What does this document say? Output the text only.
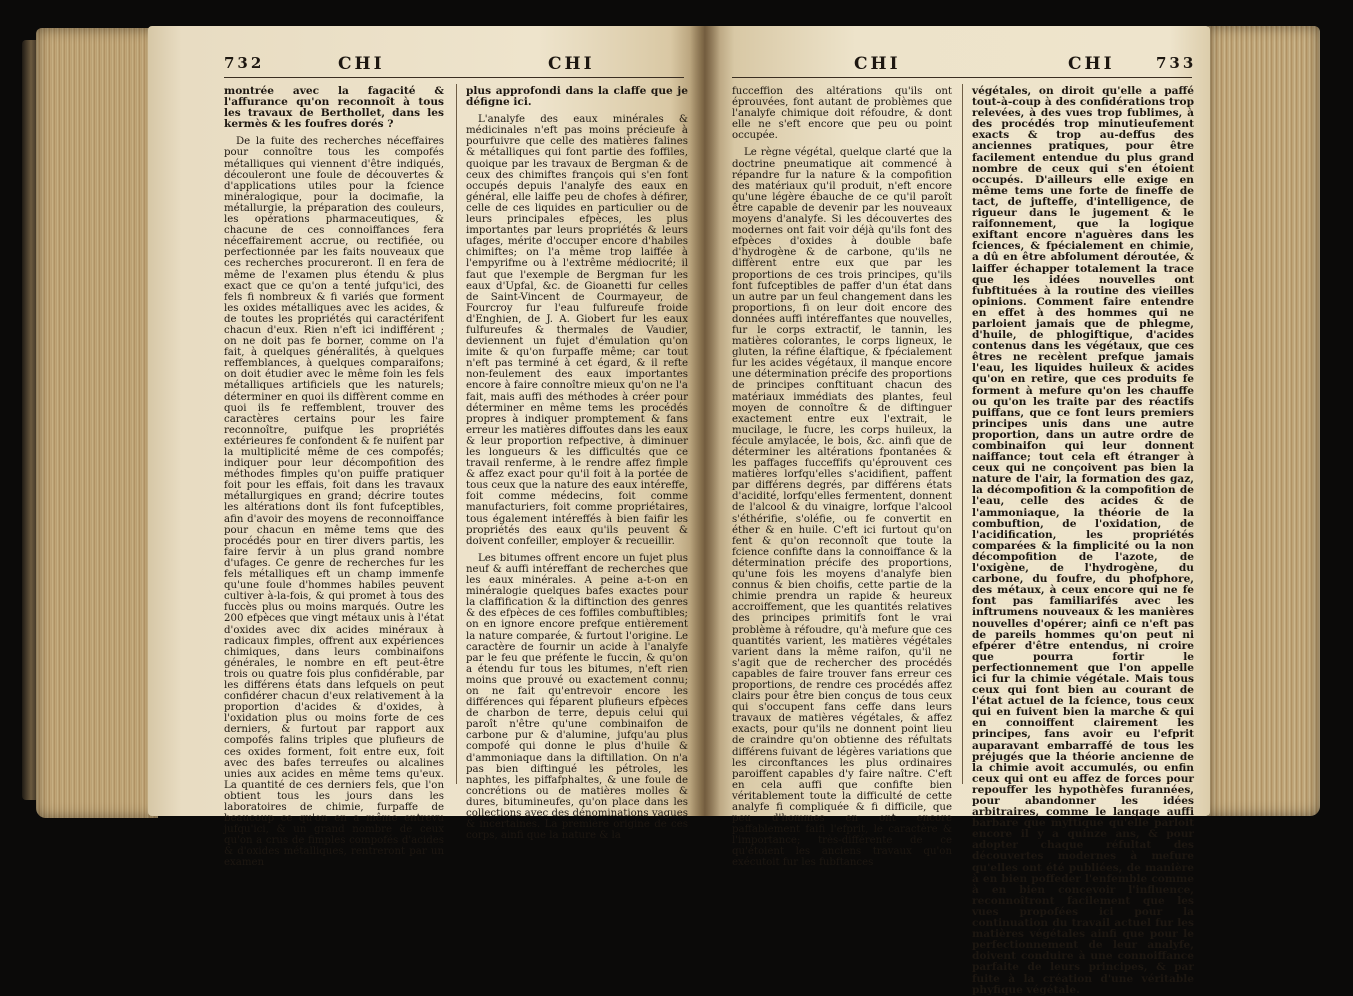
732	CHI	CHI

montrée avec la fagacité & l'affurance qu'on reconnoît à tous les travaux de Berthollet, dans les kermès & les foufres dorés ?

De la fuite des recherches néceffaires pour connoître tous les compofés métalliques qui viennent d'être indiqués, découleront une foule de découvertes & d'applications utiles pour la fcience minéralogique, pour la docimafie, la métallurgie, la préparation des couleurs, les opérations pharmaceutiques, & chacune de ces connoiffances fera néceffairement accrue, ou rectifiée, ou perfectionnée par les faits nouveaux que ces recherches procureront. Il en fera de même de l'examen plus étendu & plus exact que ce qu'on a tenté jufqu'ici, des fels fi nombreux & fi variés que forment les oxides métalliques avec les acides, & de toutes les propriétés qui caractérifent chacun d'eux. Rien n'eft ici indifférent ; on ne doit pas fe borner, comme on l'a fait, à quelques généralités, à quelques reffemblances, à quelques comparaifons; on doit étudier avec le même foin les fels métalliques artificiels que les naturels; déterminer en quoi ils diffèrent comme en quoi ils fe reffemblent, trouver des caractères certains pour les faire reconnoître, puifque les propriétés extérieures fe confondent & fe nuifent par la multiplicité même de ces compofés; indiquer pour leur décompofition des méthodes fimples qu'on puiffe pratiquer foit pour les effais, foit dans les travaux métallurgiques en grand; décrire toutes les altérations dont ils font fufceptibles, afin d'avoir des moyens de reconnoiffance pour chacun en même tems que des procédés pour en tirer divers partis, les faire fervir à un plus grand nombre d'ufages. Ce genre de recherches fur les fels métalliques eft un champ immenfe qu'une foule d'hommes habiles peuvent cultiver à-la-fois, & qui promet à tous des fuccès plus ou moins marqués. Outre les 200 efpèces que vingt métaux unis à l'état d'oxides avec dix acides minéraux à radicaux fimples, offrent aux expériences chimiques, dans leurs combinaifons générales, le nombre en eft peut-être trois ou quatre fois plus confidérable, par les différens états dans lefquels on peut confidérer chacun d'eux relativement à la proportion d'acides & d'oxides, à l'oxidation plus ou moins forte de ces derniers, & furtout par rapport aux compofés falins triples que plufieurs de ces oxides forment, foit entre eux, foit avec des bafes terreufes ou alcalines unies aux acides en même tems qu'eux. La quantité de ces derniers fels, que l'on obtient tous les jours dans les laboratoires de chimie, furpaffe de beaucoup ce qu'on en a même entrevu jufqu'ici, & un grand nombre de ceux qu'on a crus de fimples compofés d'acides & d'oxides métalliques, rentreront par un examen

plus approfondi dans la claffe que je défigne ici.

L'analyfe des eaux minérales & médicinales n'eft pas moins précieufe à pourfuivre que celle des matières falines & métalliques qui font partie des foffiles, quoique par les travaux de Bergman & de ceux des chimiftes françois qui s'en font occupés depuis l'analyfe des eaux en général, elle laiffe peu de chofes à défirer, celle de ces liquides en particulier ou de leurs principales efpèces, les plus importantes par leurs propriétés & leurs ufages, mérite d'occuper encore d'habiles chimiftes; on l'a même trop laiffée à l'empyrifme ou à l'extrême médiocrité; il faut que l'exemple de Bergman fur les eaux d'Upfal, &c. de Gioanetti fur celles de Saint-Vincent de Courmayeur, de Fourcroy fur l'eau fulfureufe froide d'Enghien, de J. A. Giobert fur les eaux fulfureufes & thermales de Vaudier, deviennent un fujet d'émulation qu'on imite & qu'on furpaffe même; car tout n'eft pas terminé à cet égard, & il refte non-feulement des eaux importantes encore à faire connoître mieux qu'on ne l'a fait, mais auffi des méthodes à créer pour déterminer en même tems les procédés propres à indiquer promptement & fans erreur les matières diffoutes dans les eaux & leur proportion refpective, à diminuer les longueurs & les difficultés que ce travail renferme, à le rendre affez fimple & affez exact pour qu'il foit à la portée de tous ceux que la nature des eaux intéreffe, foit comme médecins, foit comme manufacturiers, foit comme propriétaires, tous également intéreffés à bien faifir les propriétés des eaux qu'ils peuvent & doivent confeiller, employer & recueillir.

Les bitumes offrent encore un fujet plus neuf & auffi intéreffant de recherches que les eaux minérales. A peine a-t-on en minéralogie quelques bafes exactes pour la claffification & la diftinction des genres & des efpèces de ces foffiles combuftibles; on en ignore encore prefque entièrement la nature comparée, & furtout l'origine. Le caractère de fournir un acide à l'analyfe par le feu que préfente le fuccin, & qu'on a étendu fur tous les bitumes, n'eft rien moins que prouvé ou exactement connu; on ne fait qu'entrevoir encore les différences qui féparent plufieurs efpèces de charbon de terre, depuis celui qui paroît n'être qu'une combinaifon de carbone pur & d'alumine, jufqu'au plus compofé qui donne le plus d'huile & d'ammoniaque dans la diftillation. On n'a pas bien diftingué les pétroles, les naphtes, les piffafphaltes, & une foule de concrétions ou de matières molles & dures, bitumineufes, qu'on place dans les collections avec des dénominations vagues & incertaines. La première origine de ces corps, ainfi que la nature & la

CHI	CHI	733

fucceffion des altérations qu'ils ont éprouvées, font autant de problèmes que l'analyfe chimique doit réfoudre, & dont elle ne s'eft encore que peu ou point occupée.

Le règne végétal, quelque clarté que la doctrine pneumatique ait commencé à répandre fur la nature & la compofition des matériaux qu'il produit, n'eft encore qu'une légère ébauche de ce qu'il paroît être capable de devenir par les nouveaux moyens d'analyfe. Si les découvertes des modernes ont fait voir déjà qu'ils font des efpèces d'oxides à double bafe d'hydrogène & de carbone, qu'ils ne diffèrent entre eux que par les proportions de ces trois principes, qu'ils font fufceptibles de paffer d'un état dans un autre par un feul changement dans les proportions, fi on leur doit encore des données auffi intéreffantes que nouvelles, fur le corps extractif, le tannin, les matières colorantes, le corps ligneux, le gluten, la réfine élaftique, & fpécialement fur les acides végétaux, il manque encore une détermination précife des proportions de principes conftituant chacun des matériaux immédiats des plantes, feul moyen de connoître & de diftinguer exactement entre eux l'extrait, le mucilage, le fucre, les corps huileux, la fécule amylacée, le bois, &c. ainfi que de déterminer les altérations fpontanées & les paffages fucceffifs qu'éprouvent ces matières lorfqu'elles s'acidifient, paffent par différens degrés, par différens états d'acidité, lorfqu'elles fermentent, donnent de l'alcool & du vinaigre, lorfque l'alcool s'éthérifie, s'oléfie, ou fe convertit en éther & en huile. C'eft ici furtout qu'on fent & qu'on reconnoît que toute la fcience confifte dans la connoiffance & la détermination précife des proportions, qu'une fois les moyens d'analyfe bien connus & bien choifis, cette partie de la chimie prendra un rapide & heureux accroiffement, que les quantités relatives des principes primitifs font le vrai problème à réfoudre, qu'à mefure que ces quantités varient, les matières végétales varient dans la même raifon, qu'il ne s'agit que de rechercher des procédés capables de faire trouver fans erreur ces proportions, de rendre ces procédés affez clairs pour être bien conçus de tous ceux qui s'occupent fans ceffe dans leurs travaux de matières végétales, & affez exacts, pour qu'ils ne donnent point lieu de craindre qu'on obtienne des réfultats différens fuivant de légères variations que les circonftances les plus ordinaires paroiffent capables d'y faire naître. C'eft en cela auffi que confifte bien véritablement toute la difficulté de cette analyfe fi compliquée & fi difficile, que peu d'hommes en ont encore paffablement faifi l'efprit, le caractère & l'importance; très-différente de ce qu'étoient les anciens travaux qu'on exécutoit fur les fubftances

végétales, on diroit qu'elle a paffé tout-à-coup à des confidérations trop relevées, à des vues trop fublimes, à des procédés trop minutieufement exacts & trop au-deffus des anciennes pratiques, pour être facilement entendue du plus grand nombre de ceux qui s'en étoient occupés. D'ailleurs elle exige en même tems une forte de fineffe de tact, de jufteffe, d'intelligence, de rigueur dans le jugement & le raifonnement, que la logique exiftant encore n'aguères dans les fciences, & fpécialement en chimie, a dû en être abfolument déroutée, & laiffer échapper totalement la trace que les idées nouvelles ont fubftituées à la routine des vieilles opinions. Comment faire entendre en effet à des hommes qui ne parloient jamais que de phlegme, d'huile, de phlogiftique, d'acides contenus dans les végétaux, que ces êtres ne recèlent prefque jamais l'eau, les liquides huileux & acides qu'on en retire, que ces produits fe forment à mefure qu'on les chauffe ou qu'on les traite par des réactifs puiffans, que ce font leurs premiers principes unis dans une autre proportion, dans un autre ordre de combinaifon qui leur donnent naiffance; tout cela eft étranger à ceux qui ne conçoivent pas bien la nature de l'air, la formation des gaz, la décompofition & la compofition de l'eau, celle des acides & de l'ammoniaque, la théorie de la combuftion, de l'oxidation, de l'acidification, les propriétés comparées & la fimplicité ou la non décompofition de l'azote, de l'oxigène, de l'hydrogène, du carbone, du foufre, du phofphore, des métaux, à ceux encore qui ne fe font pas familiarifés avec les inftrumens nouveaux & les manières nouvelles d'opérer; ainfi ce n'eft pas de pareils hommes qu'on peut ni efpérer d'être entendus, ni croire que pourra fortir le perfectionnement que l'on appelle ici fur la chimie végétale. Mais tous ceux qui font bien au courant de l'état actuel de la fcience, tous ceux qui en fuivent bien la marche & qui en connoiffent clairement les principes, fans avoir eu l'efprit auparavant embarraffé de tous les préjugés que la théorie ancienne de la chimie avoit accumulés, ou enfin ceux qui ont eu affez de forces pour repouffer les hypothèfes furannées, pour abandonner les idées arbitraires, comme le langage auffi barbare que myftique qu'elle parloit encore il y a quinze ans, & pour adopter chaque réfultat des découvertes modernes à mefure qu'elles ont été publiées, de manière à en bien poffeder l'enfemble comme à en bien concevoir l'influence, reconnoîtront facilement que les vues propofées ici pour la continuation du travail actuel fur les matières végétales ainfi que pour le perfectionnement de leur analyfe, doivent conduire à une connoiffance parfaite de leurs principes, & par fuite à la création d'une véritable phyfique végétale.
